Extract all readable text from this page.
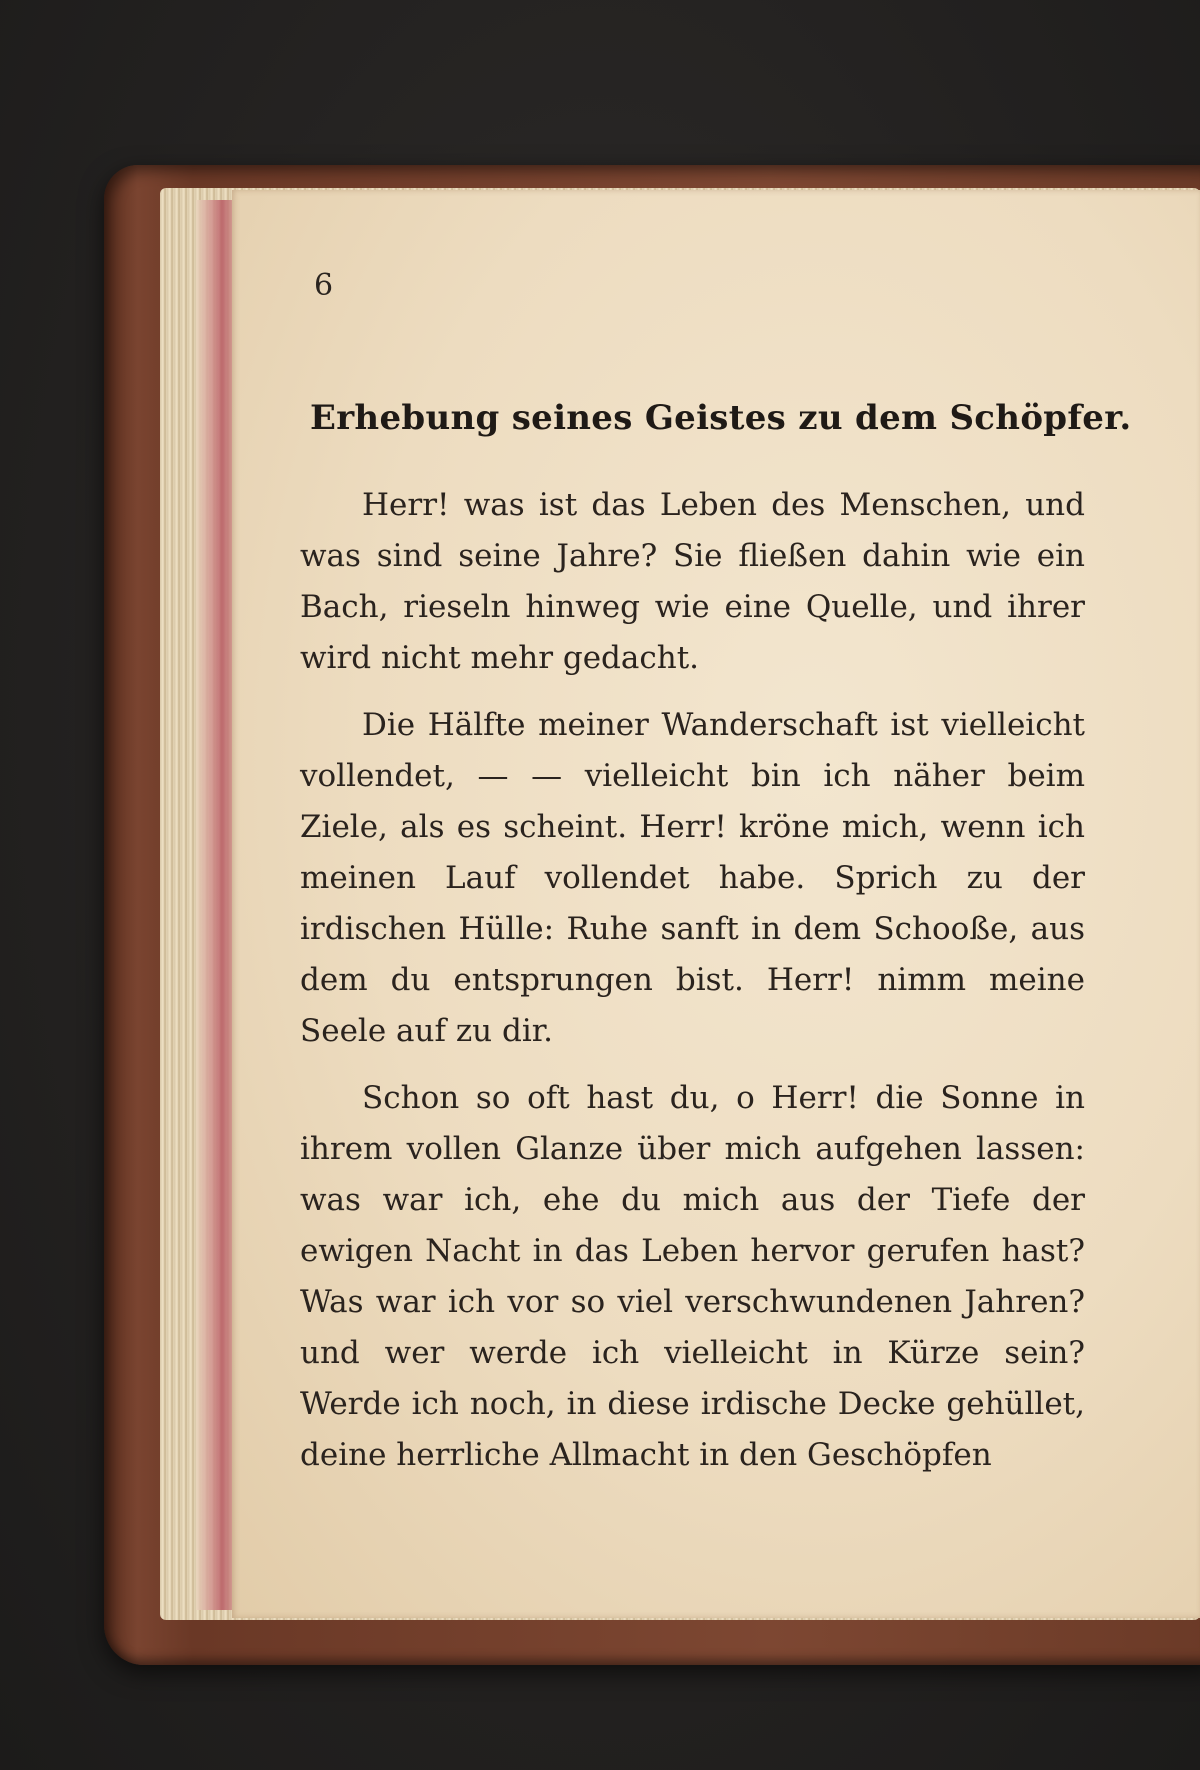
6

Erhebung seines Geistes zu dem Schöpfer.

Herr! was ist das Leben des Menschen, und was sind seine Jahre? Sie fließen dahin wie ein Bach, rieseln hinweg wie eine Quelle, und ihrer wird nicht mehr gedacht.

Die Hälfte meiner Wanderschaft ist vielleicht vollendet, — — vielleicht bin ich näher beim Ziele, als es scheint. Herr! kröne mich, wenn ich meinen Lauf vollendet habe. Sprich zu der irdischen Hülle: Ruhe sanft in dem Schooße, aus dem du entsprungen bist. Herr! nimm meine Seele auf zu dir.

Schon so oft hast du, o Herr! die Sonne in ihrem vollen Glanze über mich aufgehen lassen: was war ich, ehe du mich aus der Tiefe der ewigen Nacht in das Leben hervor gerufen hast? Was war ich vor so viel verschwundenen Jahren? und wer werde ich vielleicht in Kürze sein? Werde ich noch, in diese irdische Decke gehüllet, deine herrliche Allmacht in den Geschöpfen
